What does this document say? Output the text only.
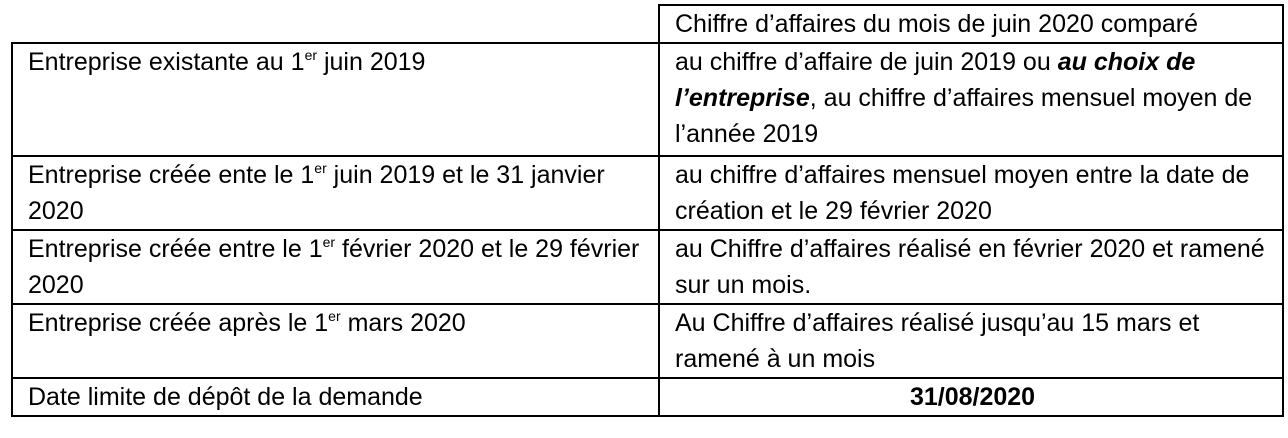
	Chiffre d’affaires du mois de juin 2020 comparé
Entreprise existante au 1er juin 2019	au chiffre d’affaire de juin 2019 ou au choix de l’entreprise, au chiffre d’affaires mensuel moyen de l’année 2019
Entreprise créée ente le 1er juin 2019 et le 31 janvier 2020	au chiffre d’affaires mensuel moyen entre la date de création et le 29 février 2020
Entreprise créée entre le 1er février 2020 et le 29 février 2020	au Chiffre d’affaires réalisé en février 2020 et ramené sur un mois.
Entreprise créée après le 1er mars 2020	Au Chiffre d’affaires réalisé jusqu’au 15 mars et ramené à un mois
Date limite de dépôt de la demande	31/08/2020
